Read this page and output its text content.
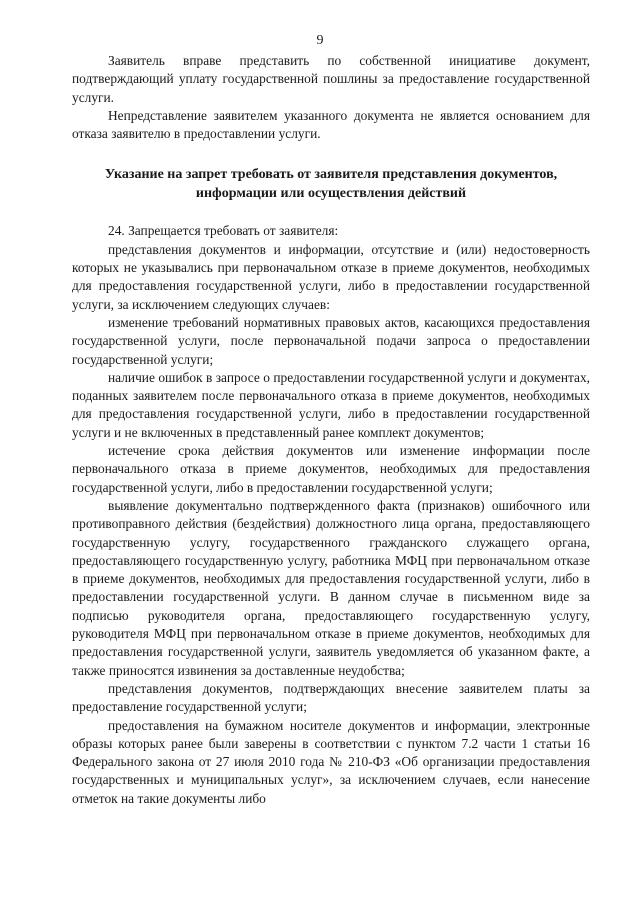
9

Заявитель вправе представить по собственной инициативе документ, подтверждающий уплату государственной пошлины за предоставление государственной услуги.

Непредставление заявителем указанного документа не является основанием для отказа заявителю в предоставлении услуги.

Указание на запрет требовать от заявителя представления документов,
информации или осуществления действий

24. Запрещается требовать от заявителя:

представления документов и информации, отсутствие и (или) недостоверность которых не указывались при первоначальном отказе в приеме документов, необходимых для предоставления государственной услуги, либо в предоставлении государственной услуги, за исключением следующих случаев:

изменение требований нормативных правовых актов, касающихся предоставления государственной услуги, после первоначальной подачи запроса о предоставлении государственной услуги;

наличие ошибок в запросе о предоставлении государственной услуги и документах, поданных заявителем после первоначального отказа в приеме документов, необходимых для предоставления государственной услуги, либо в предоставлении государственной услуги и не включенных в представленный ранее комплект документов;

истечение срока действия документов или изменение информации после первоначального отказа в приеме документов, необходимых для предоставления государственной услуги, либо в предоставлении государственной услуги;

выявление документально подтвержденного факта (признаков) ошибочного или противоправного действия (бездействия) должностного лица органа, предоставляющего государственную услугу, государственного гражданского служащего органа, предоставляющего государственную услугу, работника МФЦ при первоначальном отказе в приеме документов, необходимых для предоставления государственной услуги, либо в предоставлении государственной услуги. В данном случае в письменном виде за подписью руководителя органа, предоставляющего государственную услугу, руководителя МФЦ при первоначальном отказе в приеме документов, необходимых для предоставления государственной услуги, заявитель уведомляется об указанном факте, а также приносятся извинения за доставленные неудобства;

представления документов, подтверждающих внесение заявителем платы за предоставление государственной услуги;

предоставления на бумажном носителе документов и информации, электронные образы которых ранее были заверены в соответствии с пунктом 7.2 части 1 статьи 16 Федерального закона от 27 июля 2010 года № 210-ФЗ «Об организации предоставления государственных и муниципальных услуг», за исключением случаев, если нанесение отметок на такие документы либо
